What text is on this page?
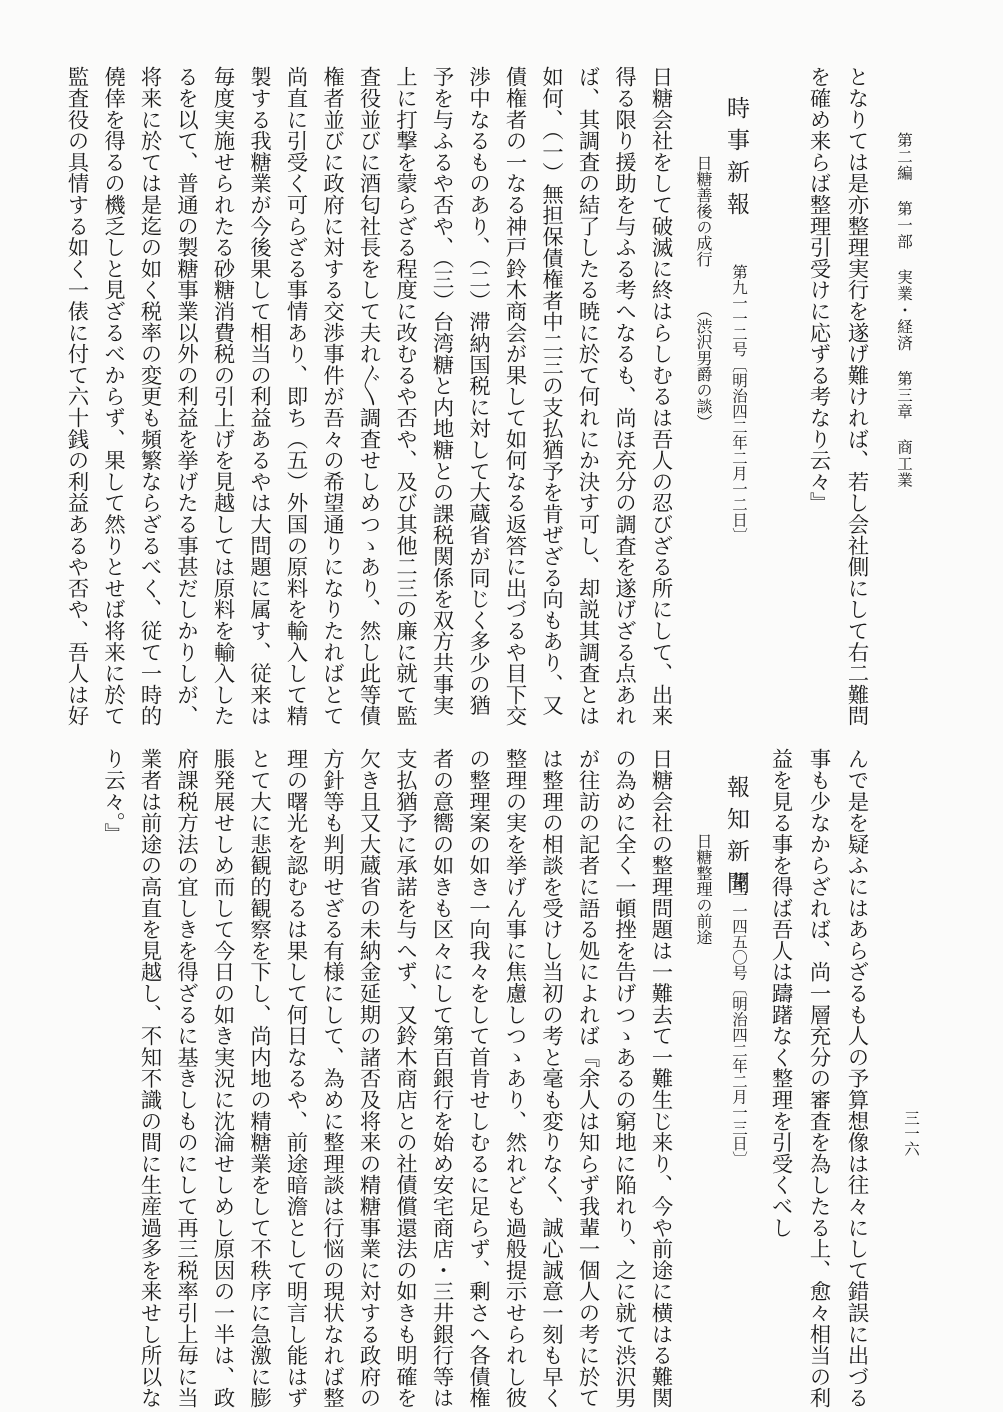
第二編 第一部 実業・経済 第三章 商工業
三一六
となりては是亦整理実行を遂げ難ければ、若し会社側にして右二難問
を確め来らば整理引受けに応ずる考なり云々』
時事新報
第九一一二号〔明治四二年二月一二日〕
日糖善後の成行
（渋沢男爵の談）
日糖会社をして破滅に終はらしむるは吾人の忍びざる所にして、出来
得る限り援助を与ふる考へなるも、尚ほ充分の調査を遂げざる点あれ
ば、其調査の結了したる暁に於て何れにか決す可し、却説其調査とは
如何、（一）無担保債権者中二三の支払猶予を肯ぜざる向もあり、又
債権者の一なる神戸鈴木商会が果して如何なる返答に出づるや目下交
渉中なるものあり、（二）滞納国税に対して大蔵省が同じく多少の猶
予を与ふるや否や、（三）台湾糖と内地糖との課税関係を双方共事実
上に打撃を蒙らざる程度に改むるや否や、及び其他二三の廉に就て監
査役並びに酒匂社長をして夫れ〴〵調査せしめつゝあり、然し此等債
権者並びに政府に対する交渉事件が吾々の希望通りになりたればとて
尚直に引受く可らざる事情あり、即ち（五）外国の原料を輸入して精
製する我糖業が今後果して相当の利益あるやは大問題に属す、従来は
毎度実施せられたる砂糖消費税の引上げを見越しては原料を輸入した
るを以て、普通の製糖事業以外の利益を挙げたる事甚だしかりしが、
将来に於ては是迄の如く税率の変更も頻繁ならざるべく、従て一時的
僥倖を得るの機乏しと見ざるべからず、果して然りとせば将来に於て
監査役の具情する如く一俵に付て六十銭の利益あるや否や、吾人は好
んで是を疑ふにはあらざるも人の予算想像は往々にして錯誤に出づる
事も少なからざれば、尚一層充分の審査を為したる上、愈々相当の利
益を見る事を得ば吾人は躊躇なく整理を引受くべし
報知新聞
第一一四五〇号〔明治四二年二月一三日〕
日糖整理の前途
日糖会社の整理問題は一難去て一難生じ来り、今や前途に横はる難関
の為めに全く一頓挫を告げつゝあるの窮地に陥れり、之に就て渋沢男
が往訪の記者に語る処によれば『余人は知らず我輩一個人の考に於て
は整理の相談を受けし当初の考と毫も変りなく、誠心誠意一刻も早く
整理の実を挙げん事に焦慮しつゝあり、然れども過般提示せられし彼
の整理案の如き一向我々をして首肯せしむるに足らず、剰さへ各債権
者の意嚮の如きも区々にして第百銀行を始め安宅商店・三井銀行等は
支払猶予に承諾を与へず、又鈴木商店との社債償還法の如きも明確を
欠き且又大蔵省の未納金延期の諸否及将来の精糖事業に対する政府の
方針等も判明せざる有様にして、為めに整理談は行悩の現状なれば整
理の曙光を認むるは果して何日なるや、前途暗澹として明言し能はず
とて大に悲観的観察を下し、尚内地の精糖業をして不秩序に急激に膨
脹発展せしめ而して今日の如き実況に沈淪せしめし原因の一半は、政
府課税方法の宜しきを得ざるに基きしものにして再三税率引上毎に当
業者は前途の高直を見越し、不知不識の間に生産過多を来せし所以な
り云々。』
